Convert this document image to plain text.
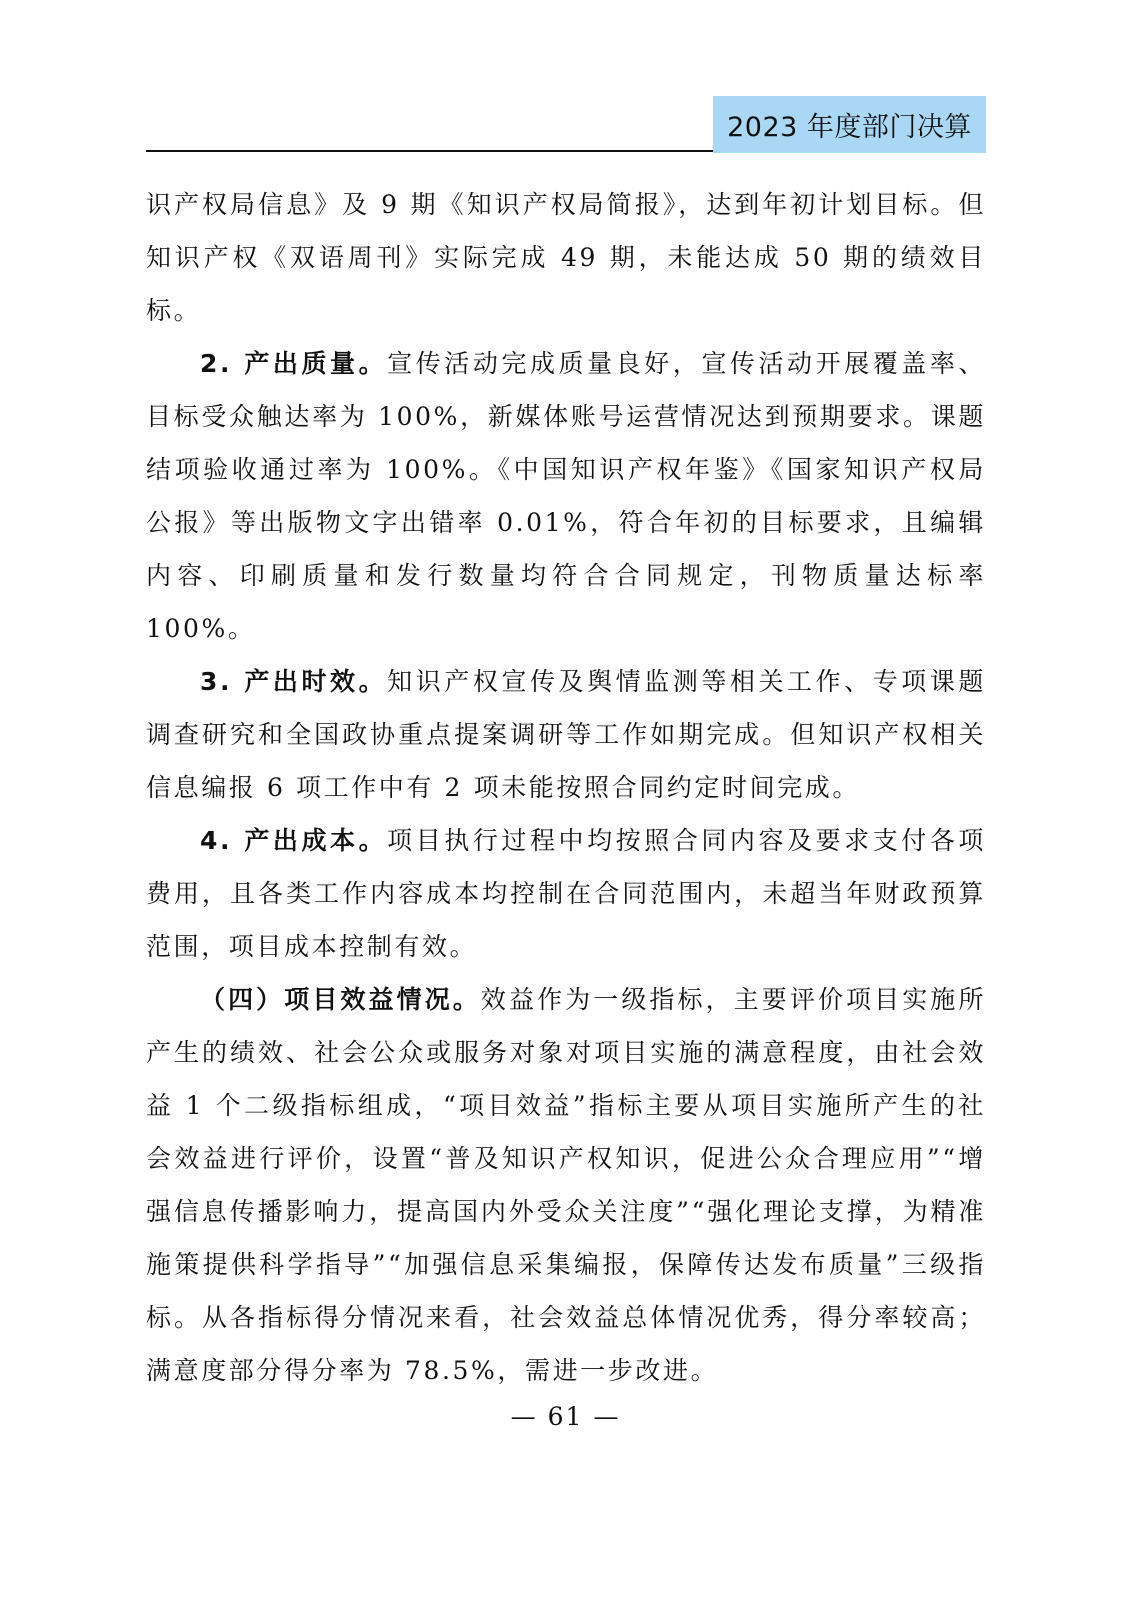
2023 年度部门决算

识产权局信息》及 9 期《知识产权局简报》，达到年初计划目标。但知识产权《双语周刊》实际完成 49 期，未能达成 50 期的绩效目标。

2. 产出质量。宣传活动完成质量良好，宣传活动开展覆盖率、目标受众触达率为 100%，新媒体账号运营情况达到预期要求。课题结项验收通过率为 100%。《中国知识产权年鉴》《国家知识产权局公报》等出版物文字出错率 0.01%，符合年初的目标要求，且编辑内容、印刷质量和发行数量均符合合同规定，刊物质量达标率 100%。

3. 产出时效。知识产权宣传及舆情监测等相关工作、专项课题调查研究和全国政协重点提案调研等工作如期完成。但知识产权相关信息编报 6 项工作中有 2 项未能按照合同约定时间完成。

4. 产出成本。项目执行过程中均按照合同内容及要求支付各项费用，且各类工作内容成本均控制在合同范围内，未超当年财政预算范围，项目成本控制有效。

（四）项目效益情况。效益作为一级指标，主要评价项目实施所产生的绩效、社会公众或服务对象对项目实施的满意程度，由社会效益 1 个二级指标组成，“项目效益”指标主要从项目实施所产生的社会效益进行评价，设置“普及知识产权知识，促进公众合理应用”“增强信息传播影响力，提高国内外受众关注度”“强化理论支撑，为精准施策提供科学指导”“加强信息采集编报，保障传达发布质量”三级指标。从各指标得分情况来看，社会效益总体情况优秀，得分率较高；满意度部分得分率为 78.5%，需进一步改进。

— 61 —
